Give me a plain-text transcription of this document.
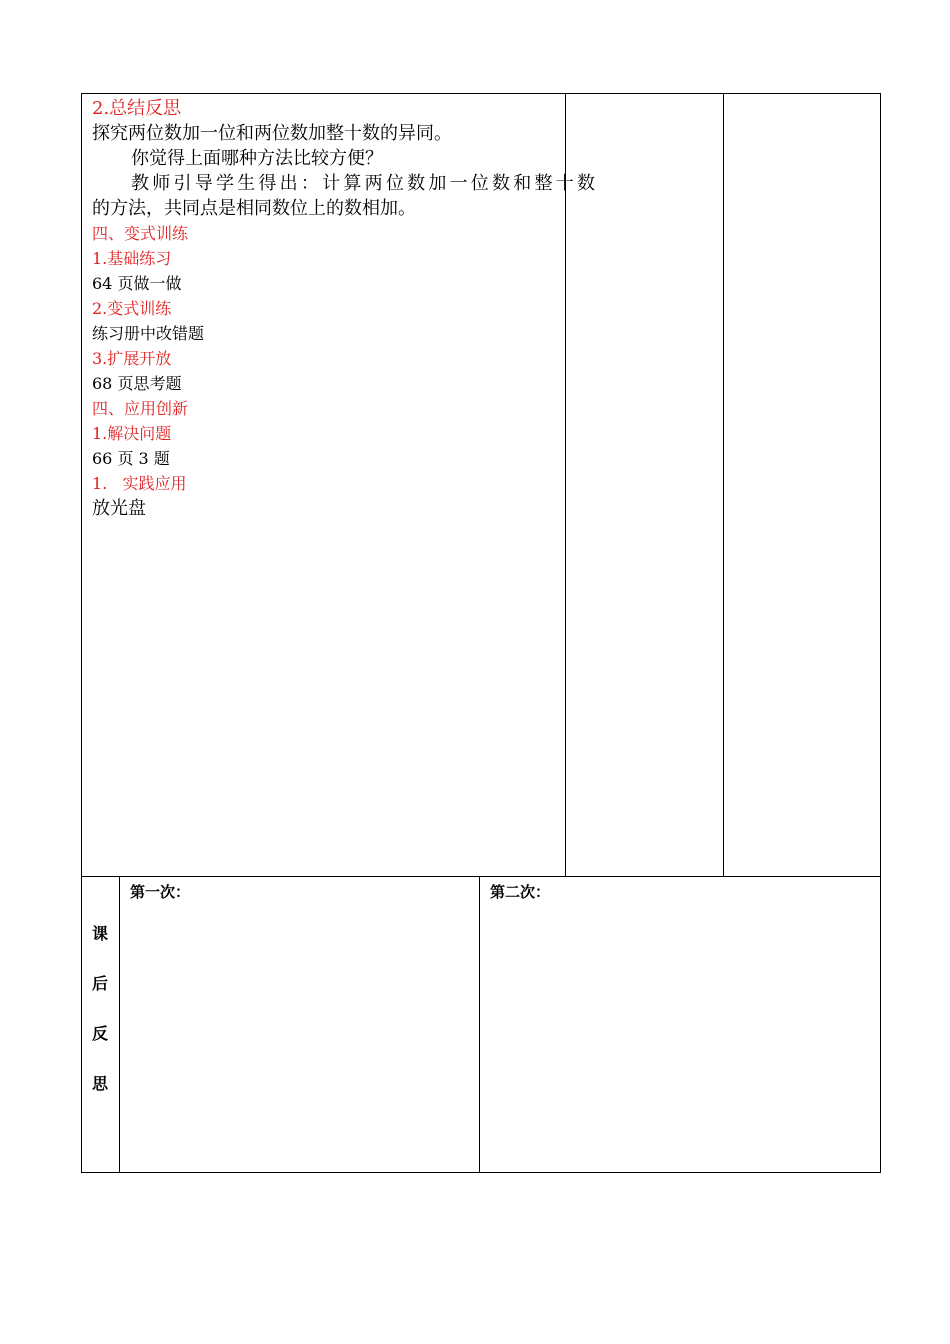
2.总结反思
探究两位数加一位和两位数加整十数的异同。
你觉得上面哪种方法比较方便？
教师引导学生得出：计算两位数加一位数和整十数
的方法，共同点是相同数位上的数相加。
四、变式训练
1.基础练习
64 页做一做
2.变式训练
练习册中改错题
3.扩展开放
68 页思考题
四、应用创新
1.解决问题
66 页 3 题
1.   实践应用
放光盘
课
后
反
思
第一次：	第二次：
